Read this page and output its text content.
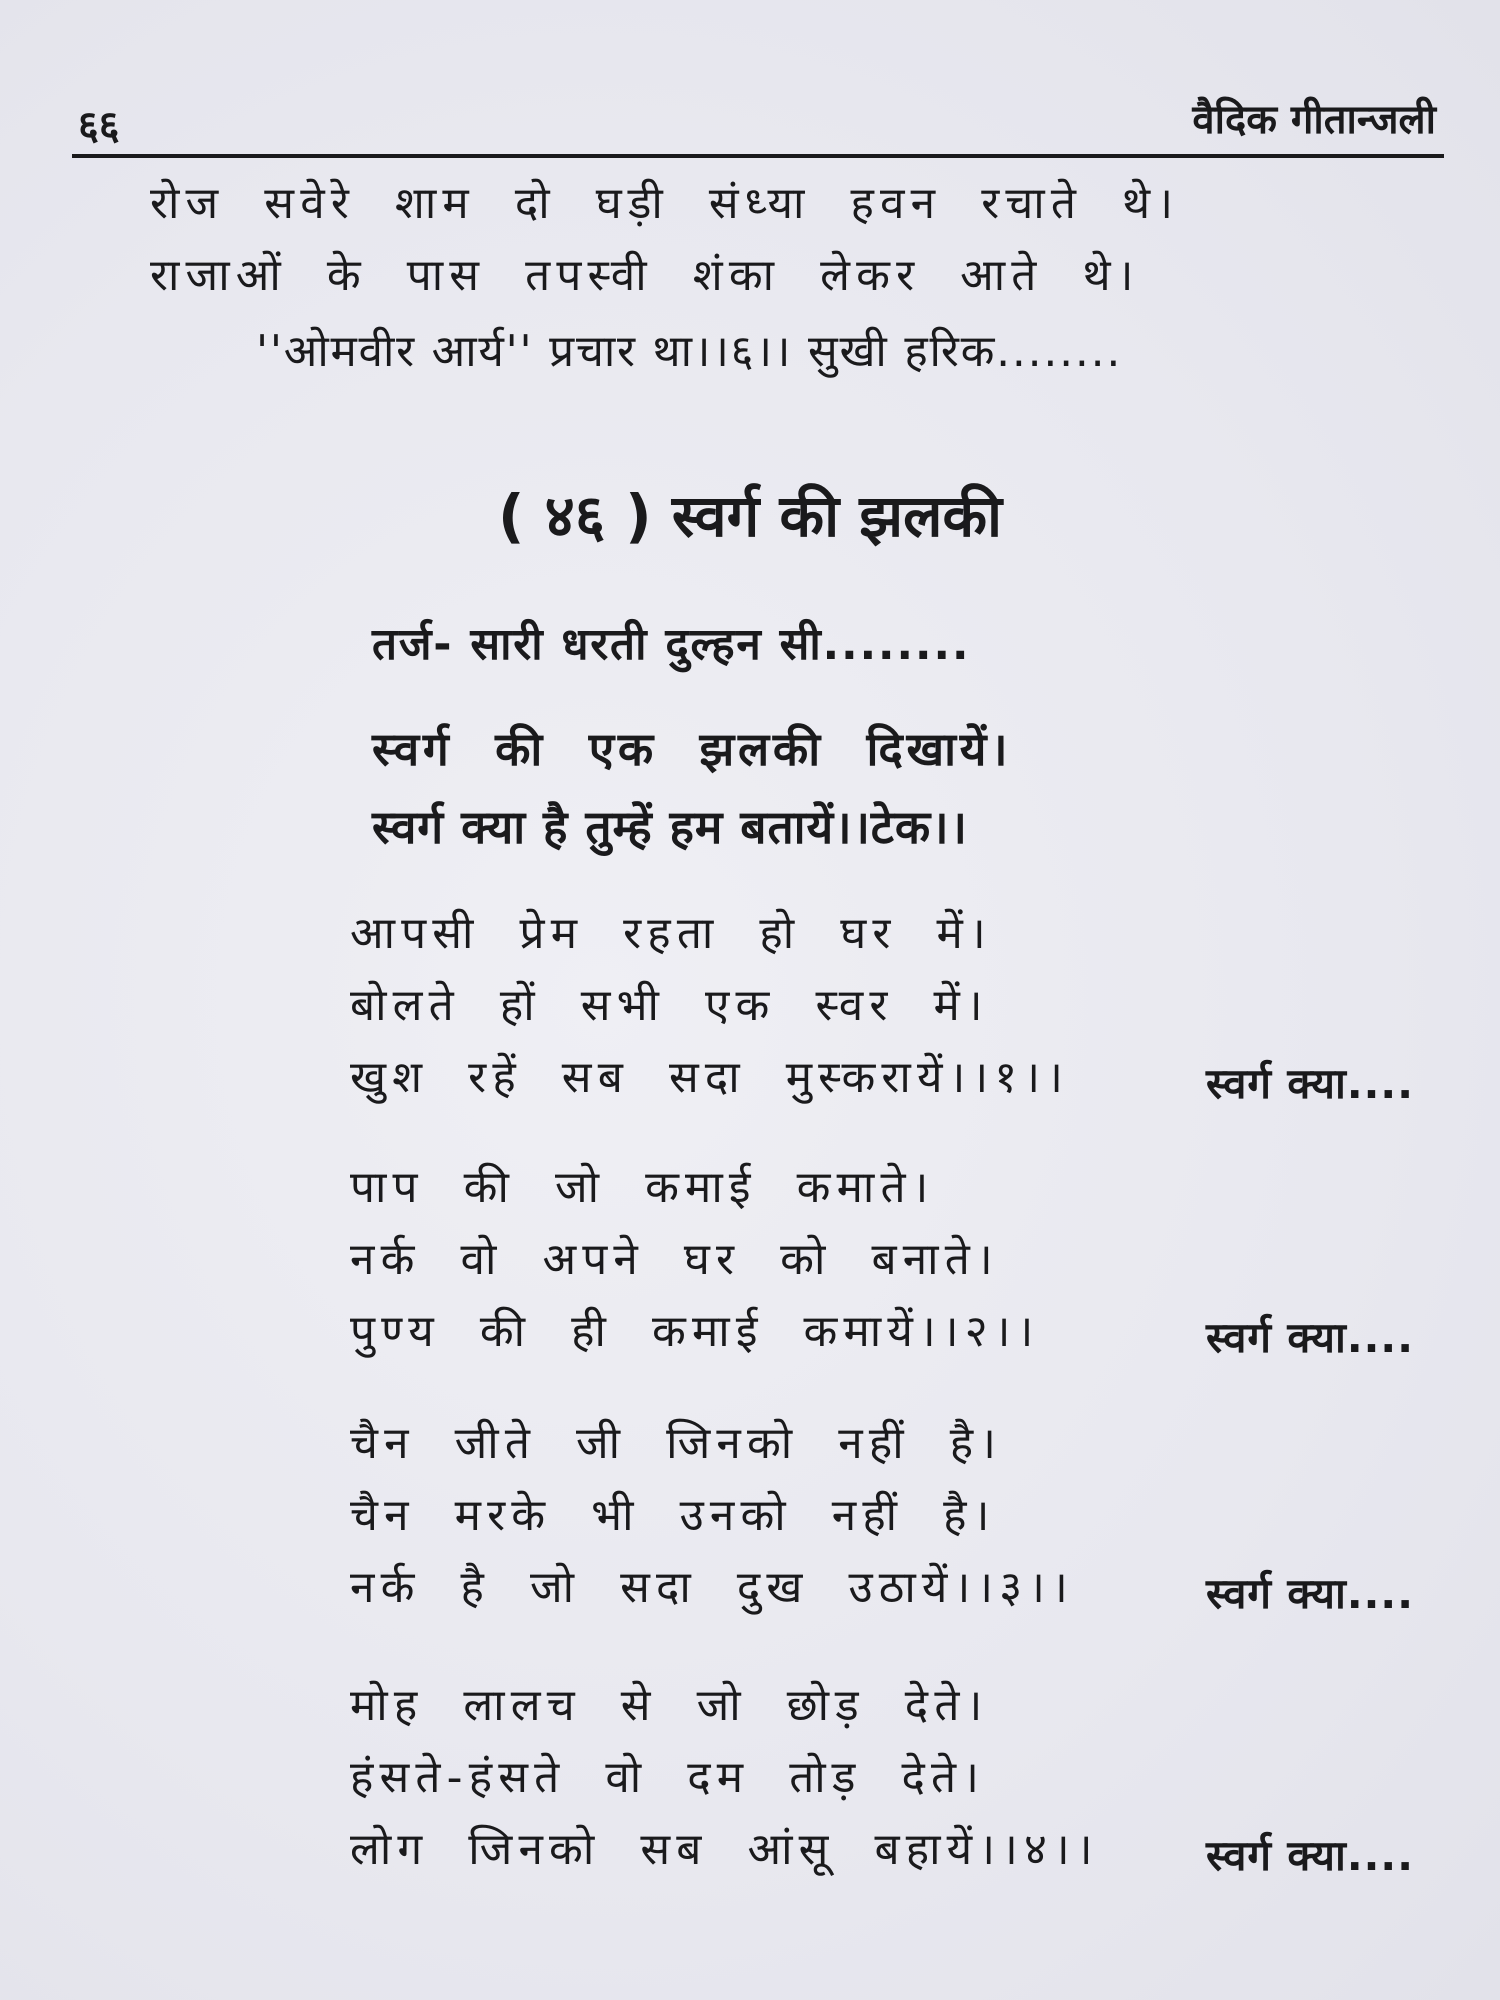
६६	वैदिक गीतान्जली
रोज सवेरे शाम दो घड़ी संध्या हवन रचाते थे।
राजाओं के पास तपस्वी शंका लेकर आते थे।
''ओमवीर आर्य'' प्रचार था।।६।। सुखी हरिक........
( ४६ ) स्वर्ग की झलकी
तर्ज- सारी धरती दुल्हन सी........
स्वर्ग की एक झलकी दिखायें।
स्वर्ग क्या है तुम्हें हम बतायें।।टेक।।
आपसी प्रेम रहता हो घर में।
बोलते हों सभी एक स्वर में।
खुश रहें सब सदा मुस्करायें।।१।।	स्वर्ग क्या....
पाप की जो कमाई कमाते।
नर्क वो अपने घर को बनाते।
पुण्य की ही कमाई कमायें।।२।।	स्वर्ग क्या....
चैन जीते जी जिनको नहीं है।
चैन मरके भी उनको नहीं है।
नर्क है जो सदा दुख उठायें।।३।।	स्वर्ग क्या....
मोह लालच से जो छोड़ देते।
हंसते-हंसते वो दम तोड़ देते।
लोग जिनको सब आंसू बहायें।।४।।	स्वर्ग क्या....
